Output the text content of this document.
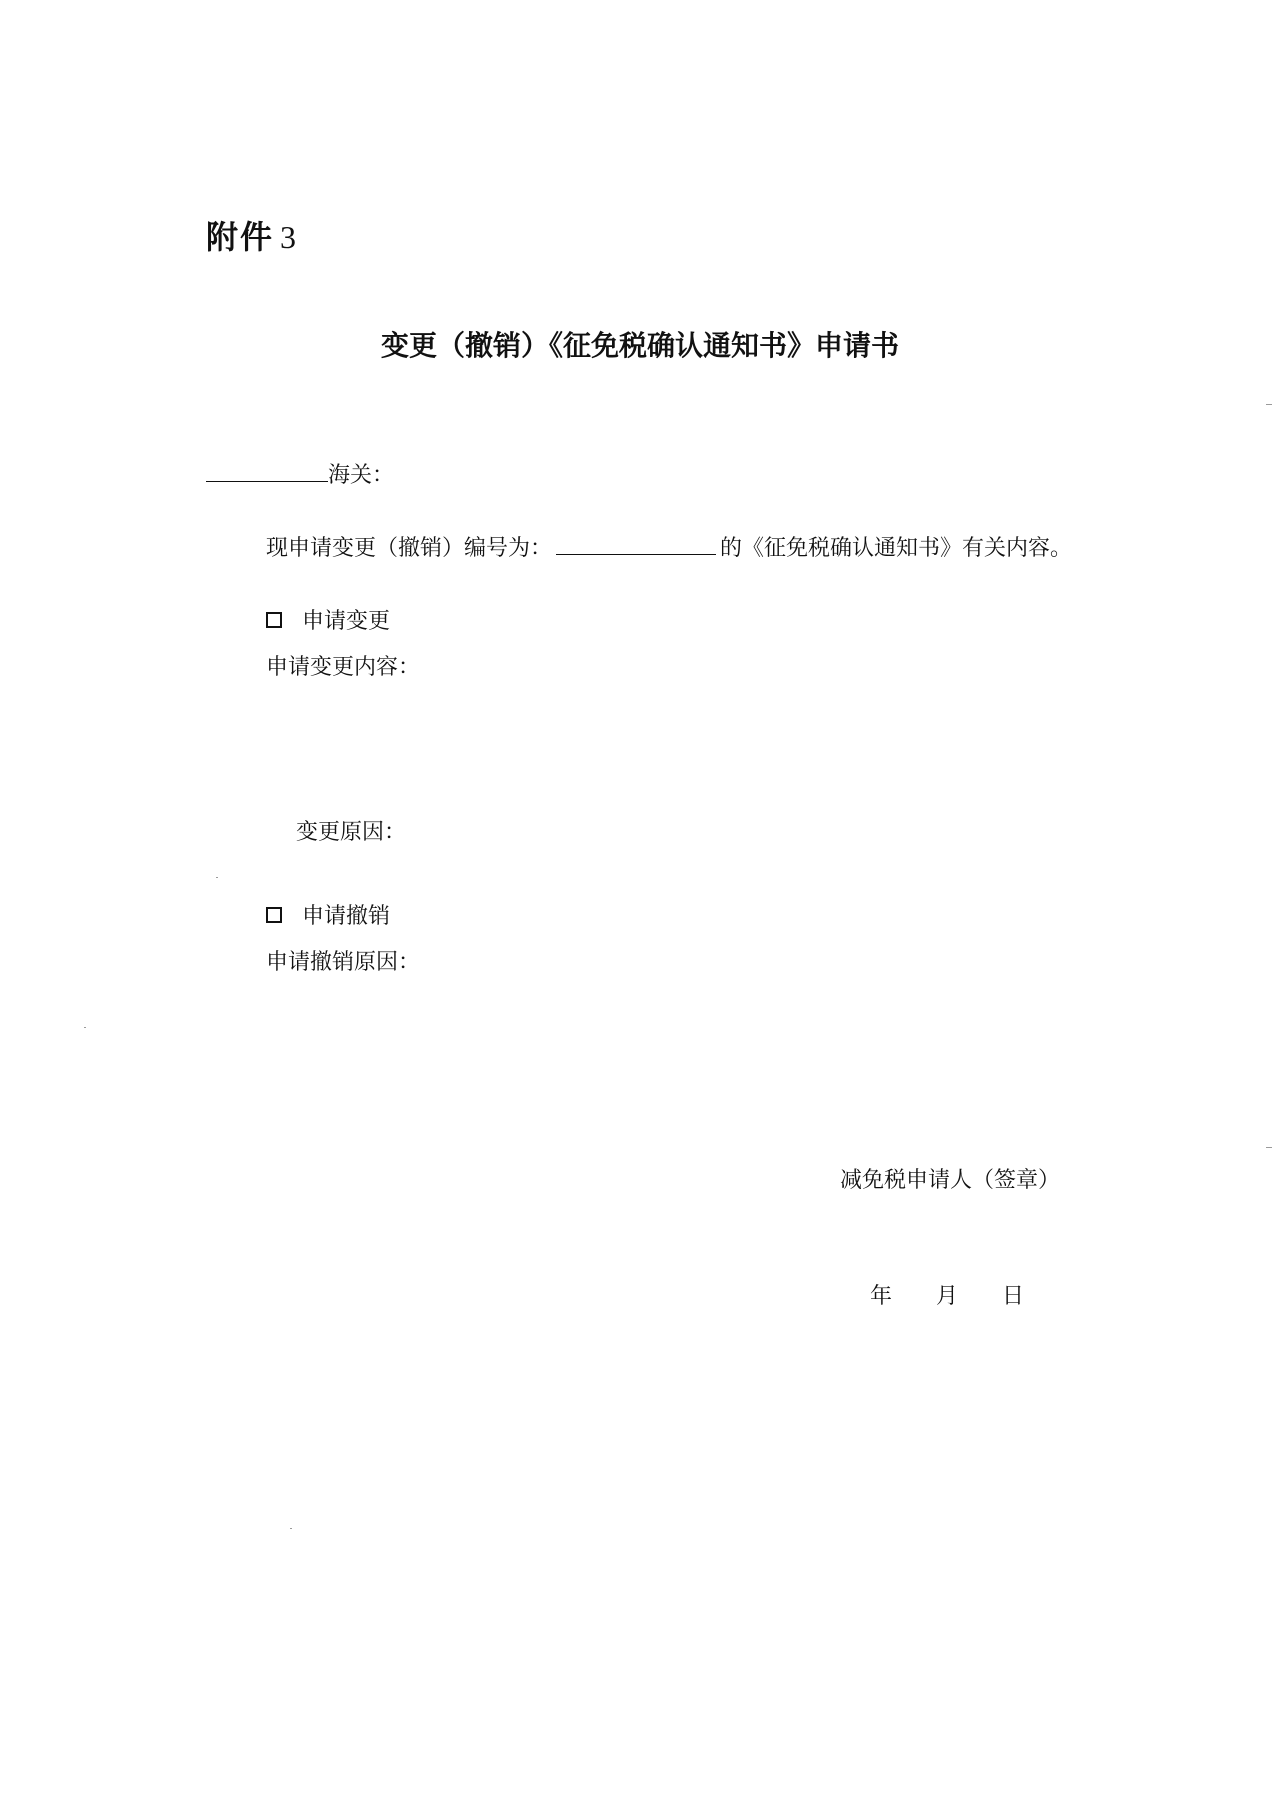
附件 3
变更（撤销）《征免税确认通知书》申请书
海关：
现申请变更（撤销）编号为：	的《征免税确认通知书》有关内容。
申请变更
申请变更内容：
变更原因：
申请撤销
申请撤销原因：
减免税申请人（签章）
年 月 日
